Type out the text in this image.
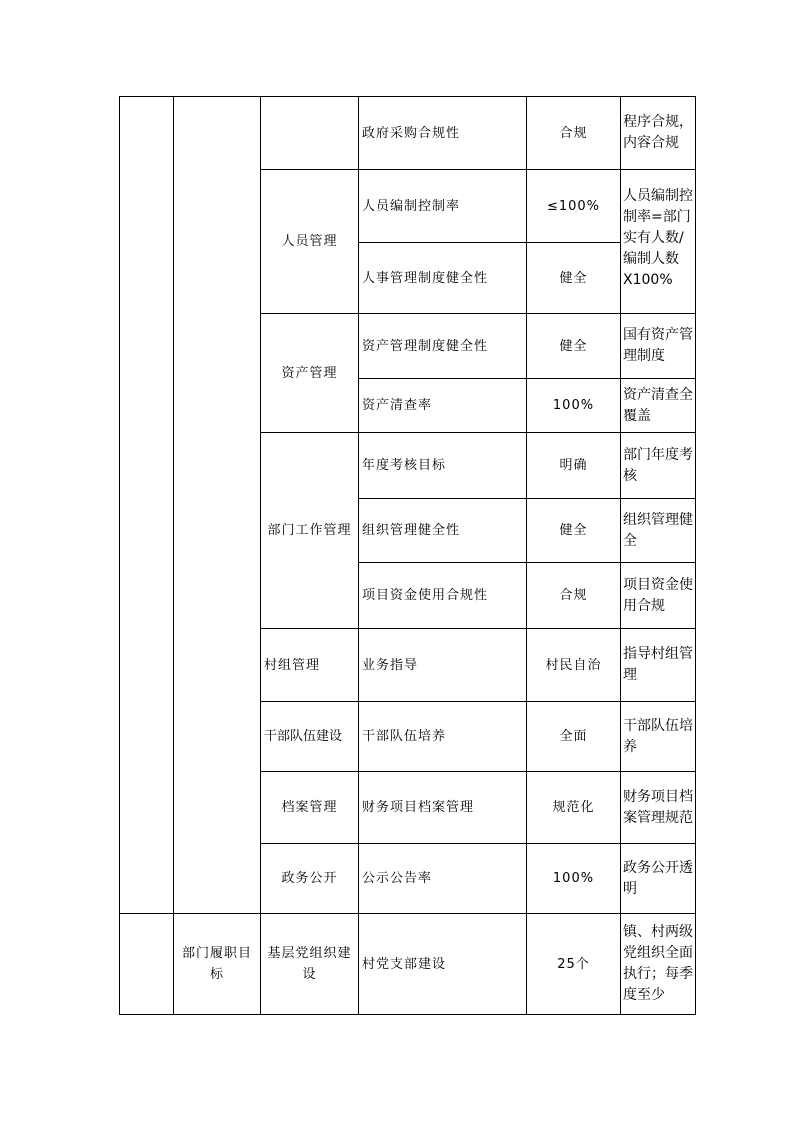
			政府采购合规性	合规	程序合规，内容合规
		人员管理	人员编制控制率	≤100%	人员编制控制率=部门实有人数/编制人数 X100%
			人事管理制度健全性	健全	
		资产管理	资产管理制度健全性	健全	国有资产管理制度
			资产清查率	100%	资产清查全覆盖
		部门工作管理	年度考核目标	明确	部门年度考核
			组织管理健全性	健全	组织管理健全
			项目资金使用合规性	合规	项目资金使用合规
		村组管理	业务指导	村民自治	指导村组管理
		干部队伍建设	干部队伍培养	全面	干部队伍培养
		档案管理	财务项目档案管理	规范化	财务项目档案管理规范
		政务公开	公示公告率	100%	政务公开透明
	部门履职目标	基层党组织建设	村党支部建设	25个	镇、村两级党组织全面执行；每季度至少
